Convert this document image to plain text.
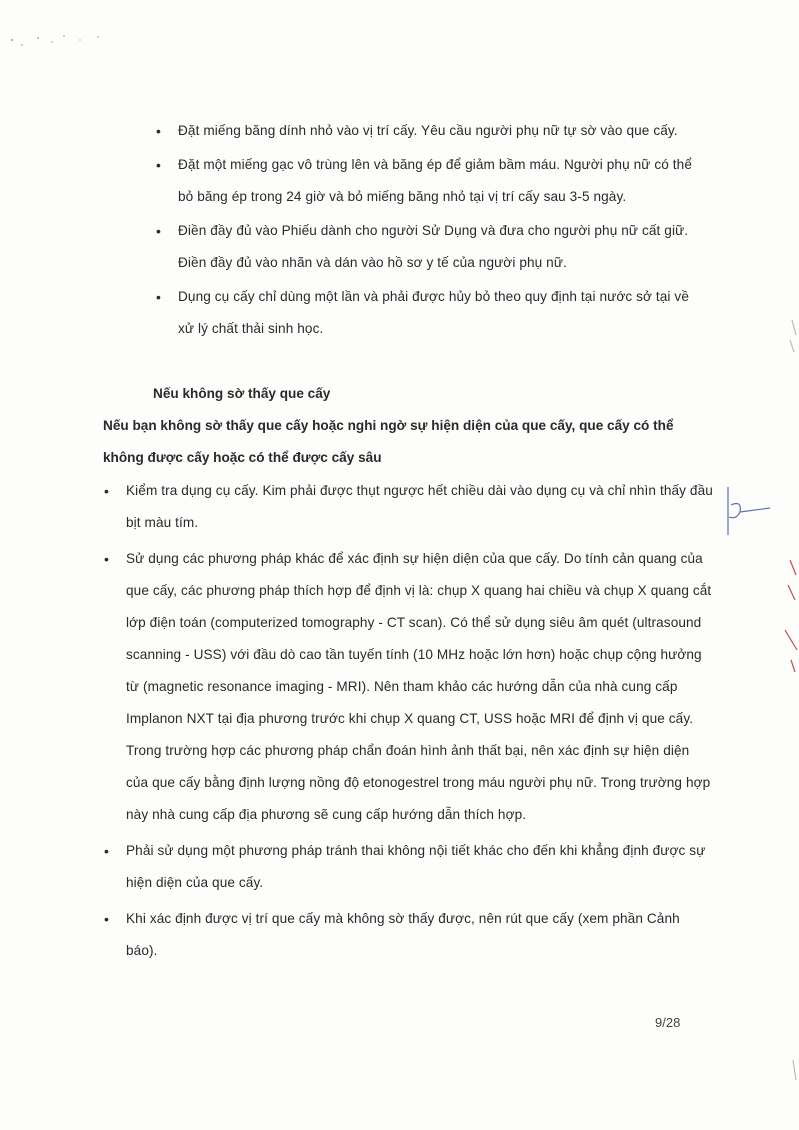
• Đặt miếng băng dính nhỏ vào vị trí cấy. Yêu cầu người phụ nữ tự sờ vào que cấy.
• Đặt một miếng gạc vô trùng lên và băng ép để giảm bầm máu. Người phụ nữ có thể bỏ băng ép trong 24 giờ và bỏ miếng băng nhỏ tại vị trí cấy sau 3-5 ngày.
• Điền đầy đủ vào Phiếu dành cho người Sử Dụng và đưa cho người phụ nữ cất giữ. Điền đầy đủ vào nhãn và dán vào hồ sơ y tế của người phụ nữ.
• Dụng cụ cấy chỉ dùng một lần và phải được hủy bỏ theo quy định tại nước sở tại về xử lý chất thải sinh học.
Nếu không sờ thấy que cấy
Nếu bạn không sờ thấy que cấy hoặc nghi ngờ sự hiện diện của que cấy, que cấy có thể không được cấy hoặc có thể được cấy sâu
• Kiểm tra dụng cụ cấy. Kim phải được thụt ngược hết chiều dài vào dụng cụ và chỉ nhìn thấy đầu bịt màu tím.
• Sử dụng các phương pháp khác để xác định sự hiện diện của que cấy. Do tính cản quang của que cấy, các phương pháp thích hợp để định vị là: chụp X quang hai chiều và chụp X quang cắt lớp điện toán (computerized tomography - CT scan). Có thể sử dụng siêu âm quét (ultrasound scanning - USS) với đầu dò cao tần tuyến tính (10 MHz hoặc lớn hơn) hoặc chụp cộng hưởng từ (magnetic resonance imaging - MRI). Nên tham khảo các hướng dẫn của nhà cung cấp Implanon NXT tại địa phương trước khi chụp X quang CT, USS hoặc MRI để định vị que cấy. Trong trường hợp các phương pháp chẩn đoán hình ảnh thất bại, nên xác định sự hiện diện của que cấy bằng định lượng nồng độ etonogestrel trong máu người phụ nữ. Trong trường hợp này nhà cung cấp địa phương sẽ cung cấp hướng dẫn thích hợp.
• Phải sử dụng một phương pháp tránh thai không nội tiết khác cho đến khi khẳng định được sự hiện diện của que cấy.
• Khi xác định được vị trí que cấy mà không sờ thấy được, nên rút que cấy (xem phần Cảnh báo).
9/28
